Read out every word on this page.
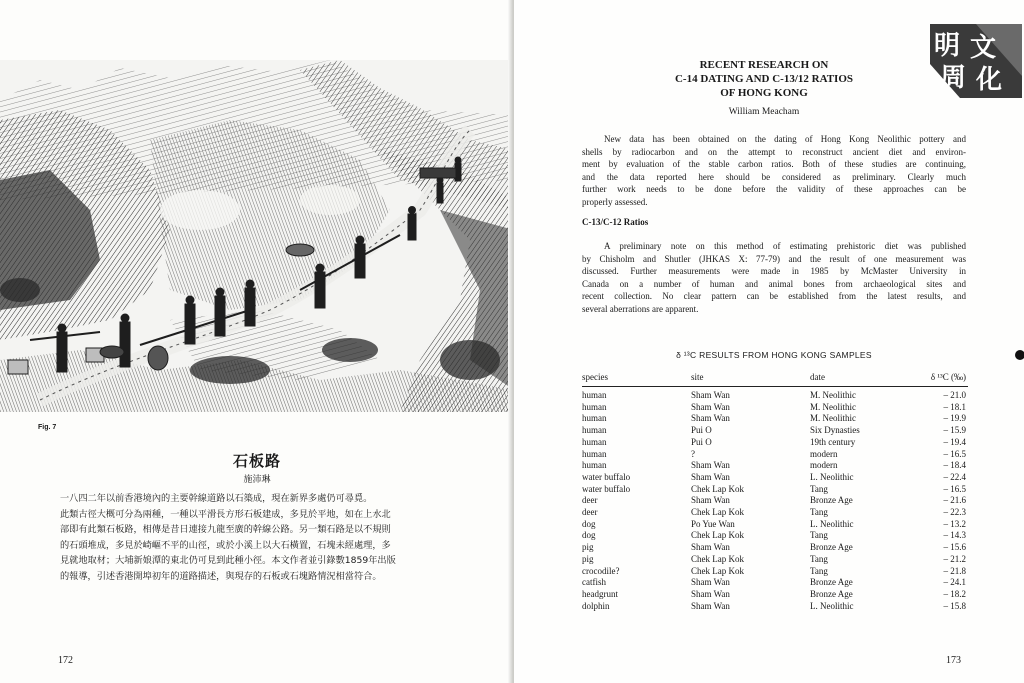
Fig. 7
石板路
施沛琳
一八四二年以前香港境內的主要幹線道路以石築成，現在新界多處仍可尋覓。
此類古徑大概可分為兩種，一種以平滑長方形石板建成，多見於平地，如在上水北
部即有此類石板路，相傳是昔日連接九龍至廣的幹線公路。另一類石路是以不規則
的石頭堆成，多見於崎嶇不平的山徑，或於小溪上以大石橫置，石塊未經處理，多
見就地取材；大埔新娘潭的東北仍可見到此種小徑。本文作者並引錄數1859年出版
的報導，引述香港開埠初年的道路描述，與現存的石板或石塊路情況相當符合。
172
明 文
周 化
RECENT RESEARCH ON
C-14 DATING AND C-13/12 RATIOS
OF HONG KONG
William Meacham
New data has been obtained on the dating of Hong Kong Neolithic pottery and
shells by radiocarbon and on the attempt to reconstruct ancient diet and environ-
ment by evaluation of the stable carbon ratios. Both of these studies are continuing,
and the data reported here should be considered as preliminary. Clearly much
further work needs to be done before the validity of these approaches can be
properly assessed.
C-13/C-12 Ratios
A preliminary note on this method of estimating prehistoric diet was published
by Chisholm and Shutler (JHKAS X: 77-79) and the result of one measurement was
discussed. Further measurements were made in 1985 by McMaster University in
Canada on a number of human and animal bones from archaeological sites and
recent collection. No clear pattern can be established from the latest results, and
several aberrations are apparent.
δ ¹³C RESULTS FROM HONG KONG SAMPLES
species	site	date	δ ¹³C (‰)
human	Sham Wan	M. Neolithic	– 21.0
human	Sham Wan	M. Neolithic	– 18.1
human	Sham Wan	M. Neolithic	– 19.9
human	Pui O	Six Dynasties	– 15.9
human	Pui O	19th century	– 19.4
human	?	modern	– 16.5
human	Sham Wan	modern	– 18.4
water buffalo	Sham Wan	L. Neolithic	– 22.4
water buffalo	Chek Lap Kok	Tang	– 16.5
deer	Sham Wan	Bronze Age	– 21.6
deer	Chek Lap Kok	Tang	– 22.3
dog	Po Yue Wan	L. Neolithic	– 13.2
dog	Chek Lap Kok	Tang	– 14.3
pig	Sham Wan	Bronze Age	– 15.6
pig	Chek Lap Kok	Tang	– 21.2
crocodile?	Chek Lap Kok	Tang	– 21.8
catfish	Sham Wan	Bronze Age	– 24.1
headgrunt	Sham Wan	Bronze Age	– 18.2
dolphin	Sham Wan	L. Neolithic	– 15.8
173
